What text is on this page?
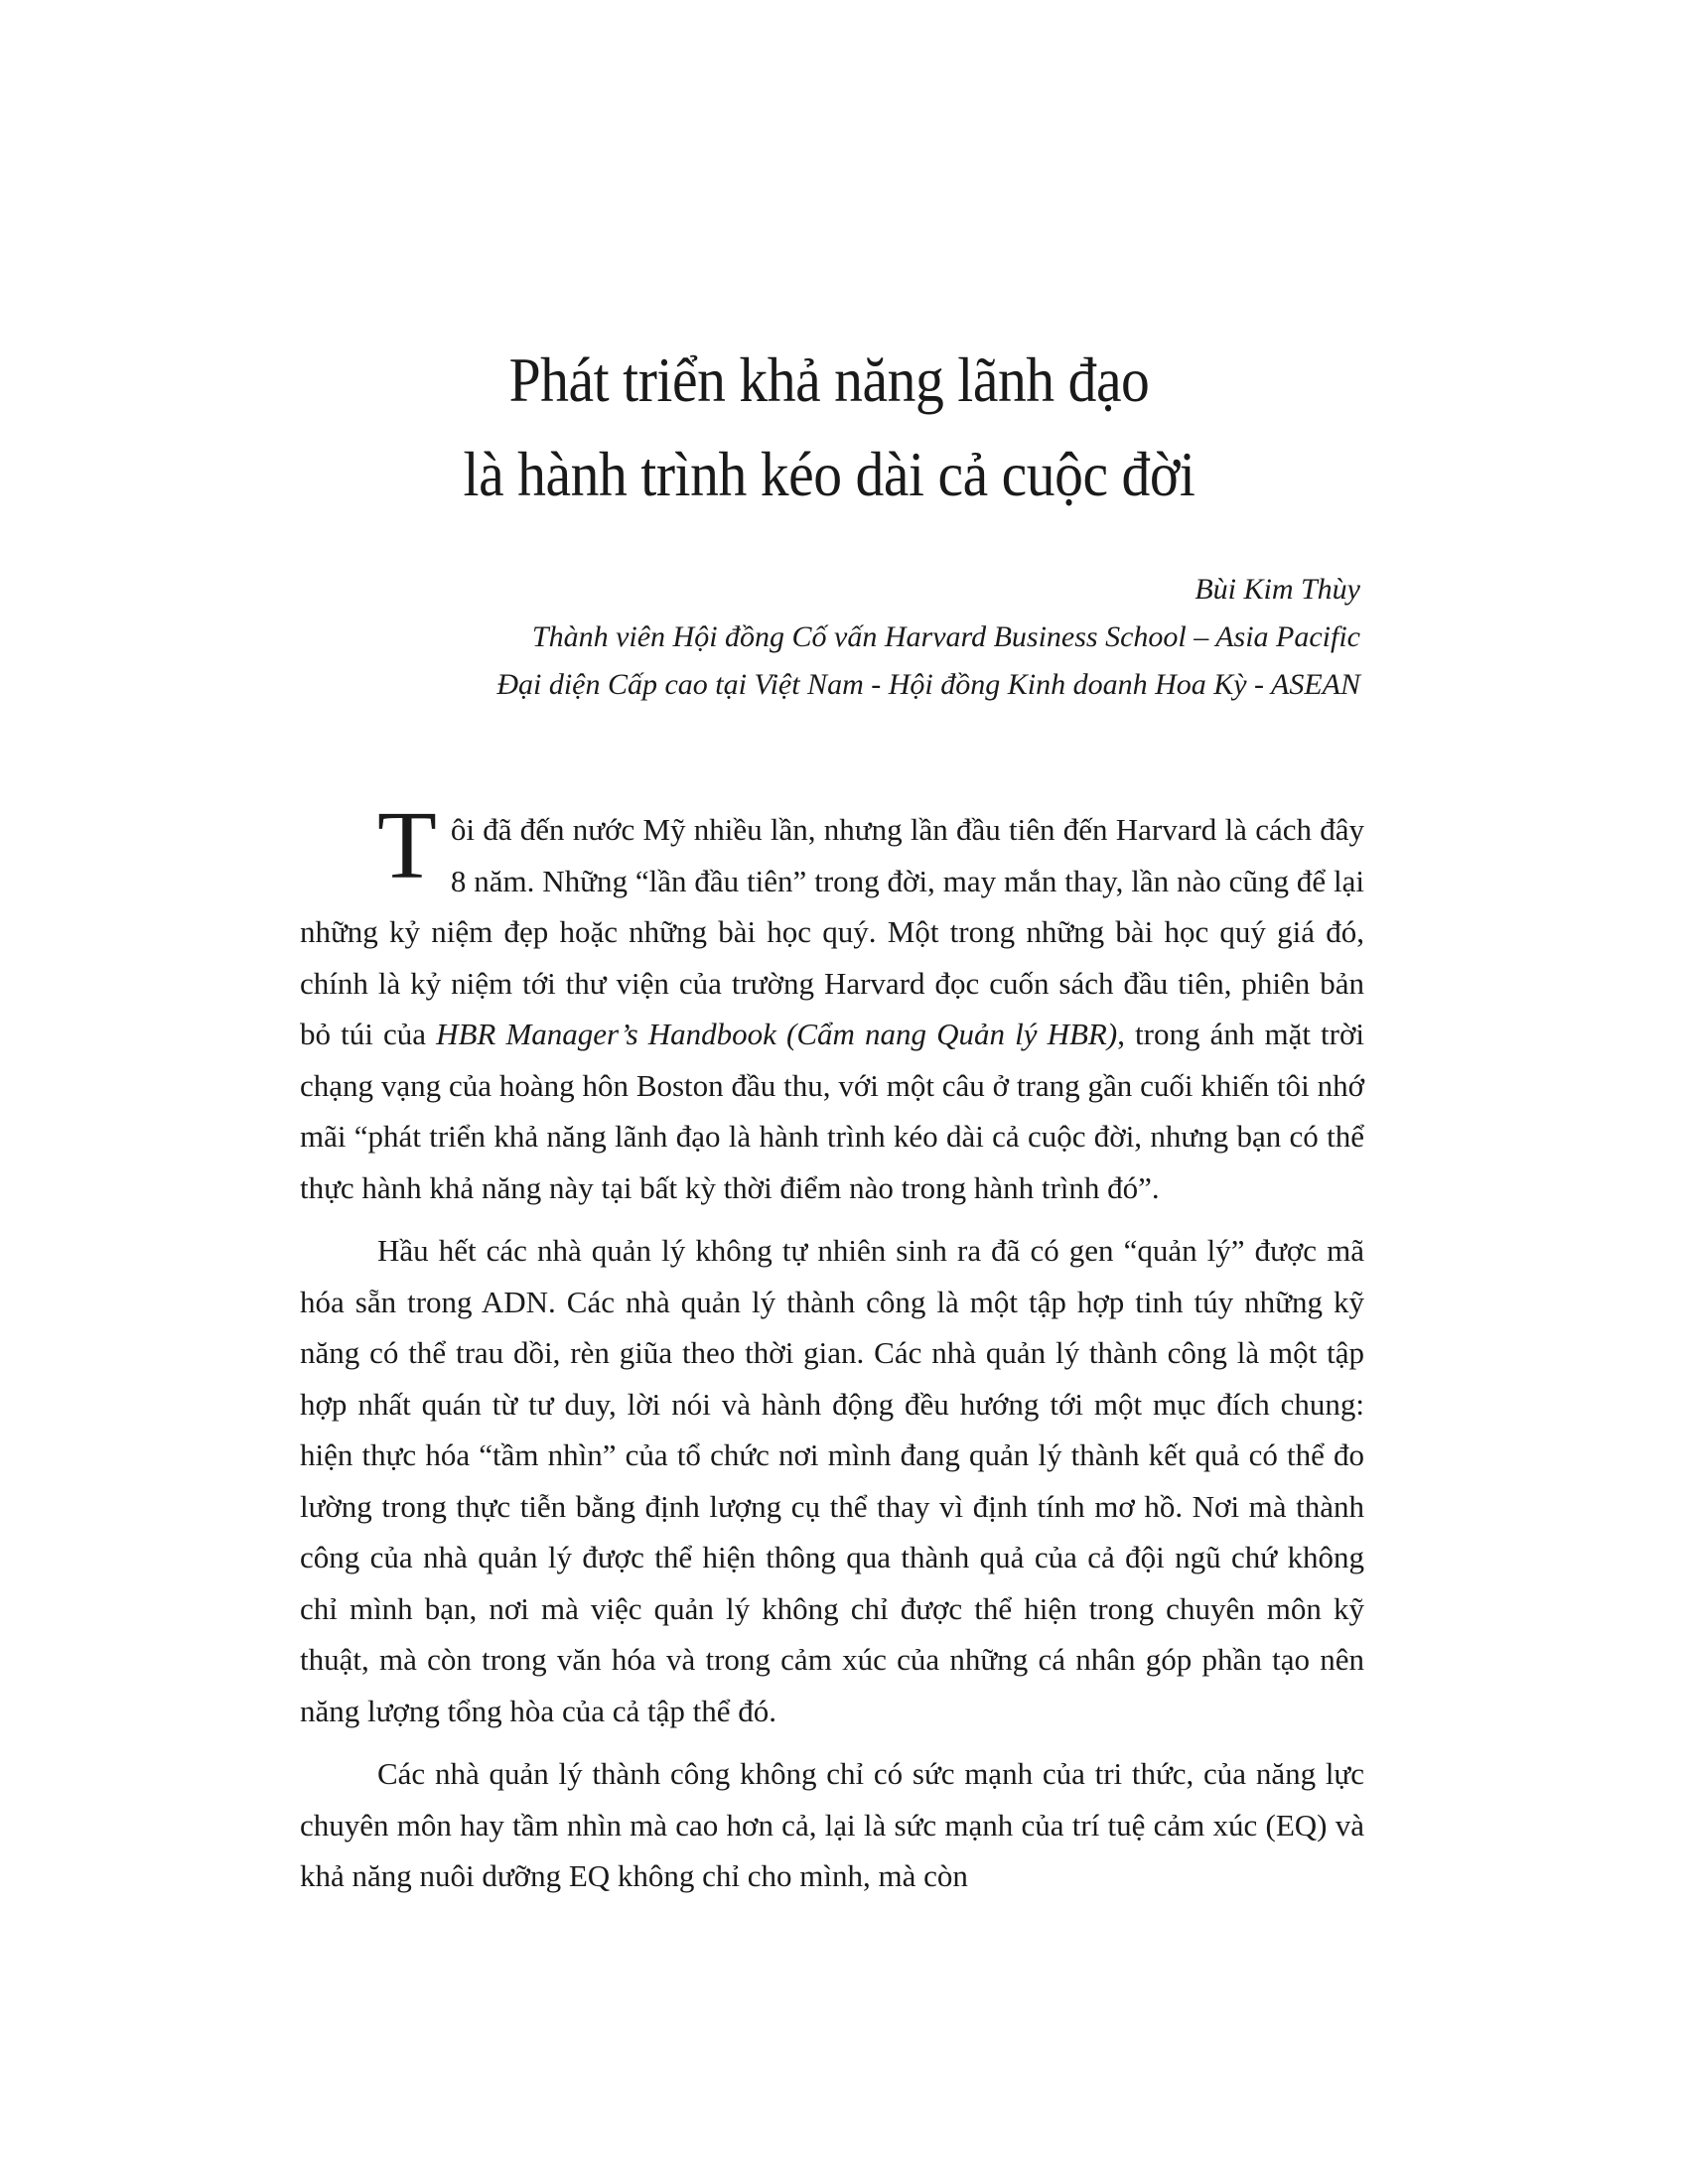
Phát triển khả năng lãnh đạo
là hành trình kéo dài cả cuộc đời
Bùi Kim Thùy
Thành viên Hội đồng Cố vấn Harvard Business School – Asia Pacific
Đại diện Cấp cao tại Việt Nam - Hội đồng Kinh doanh Hoa Kỳ - ASEAN

Tôi đã đến nước Mỹ nhiều lần, nhưng lần đầu tiên đến Harvard là cách đây 8 năm. Những “lần đầu tiên” trong đời, may mắn thay, lần nào cũng để lại những kỷ niệm đẹp hoặc những bài học quý. Một trong những bài học quý giá đó, chính là kỷ niệm tới thư viện của trường Harvard đọc cuốn sách đầu tiên, phiên bản bỏ túi của HBR Manager’s Handbook (Cẩm nang Quản lý HBR), trong ánh mặt trời chạng vạng của hoàng hôn Boston đầu thu, với một câu ở trang gần cuối khiến tôi nhớ mãi “phát triển khả năng lãnh đạo là hành trình kéo dài cả cuộc đời, nhưng bạn có thể thực hành khả năng này tại bất kỳ thời điểm nào trong hành trình đó”.

Hầu hết các nhà quản lý không tự nhiên sinh ra đã có gen “quản lý” được mã hóa sẵn trong ADN. Các nhà quản lý thành công là một tập hợp tinh túy những kỹ năng có thể trau dồi, rèn giũa theo thời gian. Các nhà quản lý thành công là một tập hợp nhất quán từ tư duy, lời nói và hành động đều hướng tới một mục đích chung: hiện thực hóa “tầm nhìn” của tổ chức nơi mình đang quản lý thành kết quả có thể đo lường trong thực tiễn bằng định lượng cụ thể thay vì định tính mơ hồ. Nơi mà thành công của nhà quản lý được thể hiện thông qua thành quả của cả đội ngũ chứ không chỉ mình bạn, nơi mà việc quản lý không chỉ được thể hiện trong chuyên môn kỹ thuật, mà còn trong văn hóa và trong cảm xúc của những cá nhân góp phần tạo nên năng lượng tổng hòa của cả tập thể đó.

Các nhà quản lý thành công không chỉ có sức mạnh của tri thức, của năng lực chuyên môn hay tầm nhìn mà cao hơn cả, lại là sức mạnh của trí tuệ cảm xúc (EQ) và khả năng nuôi dưỡng EQ không chỉ cho mình, mà còn
